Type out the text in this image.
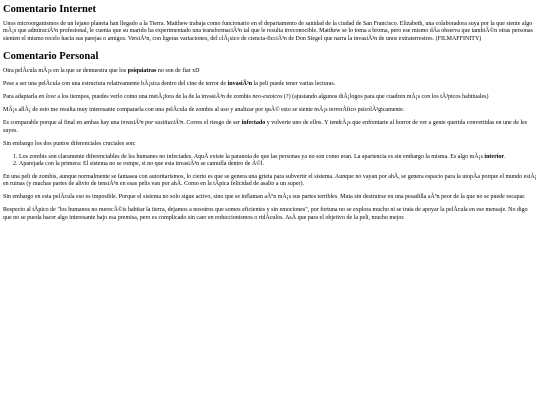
Comentario Internet

Unos microorganismos de un lejano planeta han llegado a la Tierra. Matthew trabaja como funcionario en el departamento de sanidad de la ciudad de San Francisco. Elizabeth, una colaboradora suya por la que siente algo mÃ¡s que admiraciÃ³n profesional, le cuenta que su marido ha experimentado una transformaciÃ³n tal que le resulta irreconocible. Matthew se lo toma a broma, pero ese mismo dÃa observa que tambiÃ©n otras personas sienten el mismo recelo hacia sus parejas o amigos. VersiÃ³n, con ligeras variaciones, del clÃ¡sico de ciencia-ficciÃ³n de Don Siegel que narra la invasiÃ³n de unos extraterrestres. (FILMAFFINITY)

Comentario Personal

Otra pelÃcula mÃ¡s en la que se demuestra que los psiquiatras no son de fiar xD

Pese a ser una pelÃcula con una estructura relativamente bÃ¡sica dentro del cine de terror de invasiÃ³n la peli puede tener varias lecturas.

Para adaptarla en love a los tiempos, puedes verlo como una metÃ¡fora de la de la invasiÃ³n de zombis neo-estoicos (?) (ajustando algunos diÃ¡logos para que cuadren mÃ¡s con los tÃ³picos habituales)

MÃ¡s allÃ¡ de esto me resulta muy interesante compararla con una pelÃcula de zombis al uso y analizar por quÃ© esto se siente mÃ¡s terrorÃfico psicolÃ³gicamente.

Es comparable porque al final en ambas hay una invasiÃ³n por sustituciÃ³n. Corres el riesgo de ser infectado y volverte uno de ellos. Y tendrÃ¡s que enfrentarte al horror de ver a gente querida convertidas en une de les suyes.

Sin embargo los dos puntos diferenciales cruciales son:

1. Los zombis son claramente diferenciables de les humanes no infectades. AquÃ existe la paranoia de que las personas ya no son como eran. La apariencia es sin embargo la misma. Es algo mÃ¡s interior.
2. Aparejada con la primera: El sistema no se rompe, si no que esta invasiÃ³n se camufla dentro de Ã©l.

En una peli de zombis, aunque normalmente se fantasea con autoritarismos, lo cierto es que se genera una grieta para subvertir el sistema. Aunque no vayan por ahÃ, se genera espacio para la utopÃa porque el mundo estÃ¡ en ruinas (y muchas partes de alivio de tensiÃ³n en esas pelis van por ahÃ. Como en la tÃpica felicidad de asalto a un super).

Sin embargo en esta pelÃcula eso es imposible. Porque el sistema no solo sigue activo, sino que se inflaman aÃºn mÃ¡s sus partes terribles. Muta sin destruirse en una pesadilla aÃºn peor de la que no se puede escapar.

Respecto al tÃpico de "los humanos no merecÃ©is habitar la tierra, dejamos a nosotros que somos eficientes y sin emociones", por fortuna no se explora mucho ni se trata de apoyar la pelÃcula en ese mensaje. No digo que no se pueda hacer algo interesante bajo esa premisa, pero es complicado sin caer en reduccionismos o ridÃculos. AsÃ que para el objetivo de la peli, mucho mejor.
